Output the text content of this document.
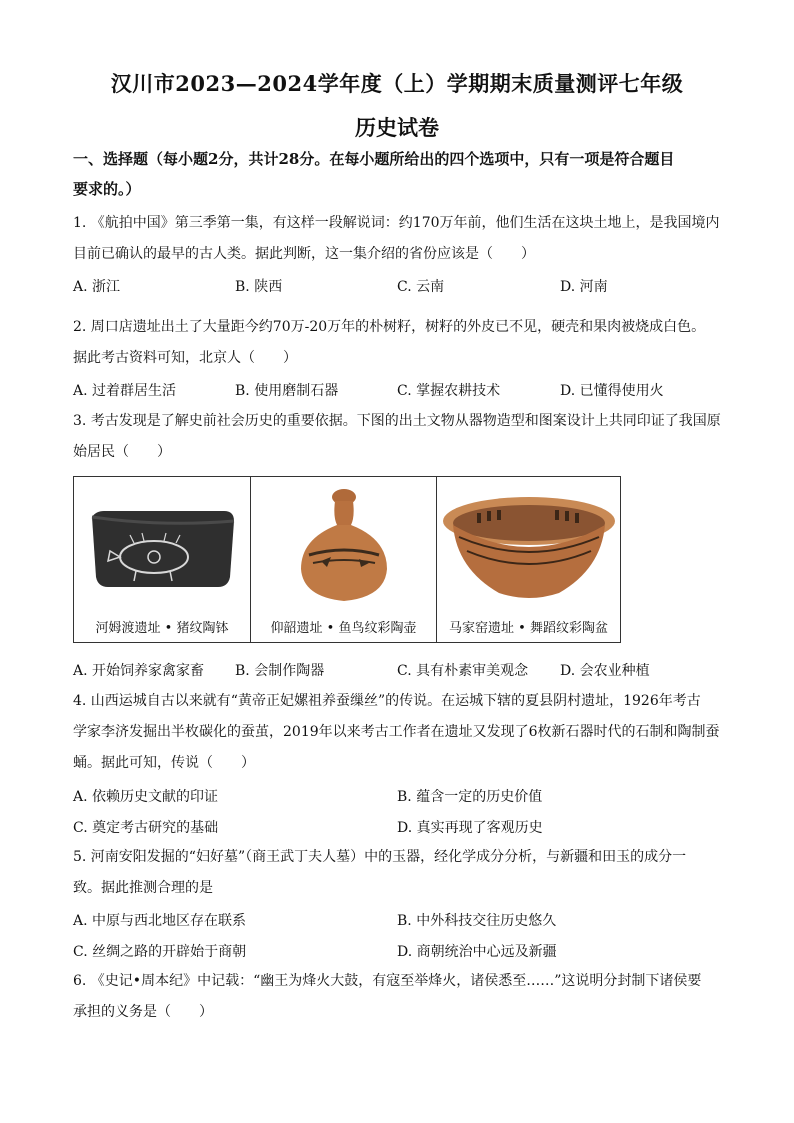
汉川市2023—2024学年度（上）学期期末质量测评七年级
历史试卷
一、选择题（每小题2分，共计28分。在每小题所给出的四个选项中，只有一项是符合题目
要求的。）
1. 《航拍中国》第三季第一集，有这样一段解说词：约170万年前，他们生活在这块土地上，是我国境内
目前已确认的最早的古人类。据此判断，这一集介绍的省份应该是（　　）
A. 浙江	B. 陕西	C. 云南	D. 河南
2. 周口店遗址出土了大量距今约70万-20万年的朴树籽，树籽的外皮已不见，硬壳和果肉被烧成白色。
据此考古资料可知，北京人（　　）
A. 过着群居生活	B. 使用磨制石器	C. 掌握农耕技术	D. 已懂得使用火
3. 考古发现是了解史前社会历史的重要依据。下图的出土文物从器物造型和图案设计上共同印证了我国原
始居民（　　）
河姆渡遗址 • 猪纹陶钵	仰韶遗址 • 鱼鸟纹彩陶壶	马家窑遗址 • 舞蹈纹彩陶盆
A. 开始饲养家禽家畜 B. 会制作陶器	C. 具有朴素审美观念 D. 会农业种植
4. 山西运城自古以来就有“黄帝正妃嫘祖养蚕缫丝”的传说。在运城下辖的夏县阴村遗址，1926年考古
学家李济发掘出半枚碳化的蚕茧，2019年以来考古工作者在遗址又发现了6枚新石器时代的石制和陶制蚕
蛹。据此可知，传说（　　）
A. 依赖历史文献的印证	B. 蕴含一定的历史价值
C. 奠定考古研究的基础	D. 真实再现了客观历史
5. 河南安阳发掘的“妇好墓”（商王武丁夫人墓）中的玉器，经化学成分分析，与新疆和田玉的成分一
致。据此推测合理的是
A. 中原与西北地区存在联系	B. 中外科技交往历史悠久
C. 丝绸之路的开辟始于商朝	D. 商朝统治中心远及新疆
6. 《史记•周本纪》中记载：“幽王为烽火大鼓，有寇至举烽火，诸侯悉至……”这说明分封制下诸侯要
承担的义务是（　　）
